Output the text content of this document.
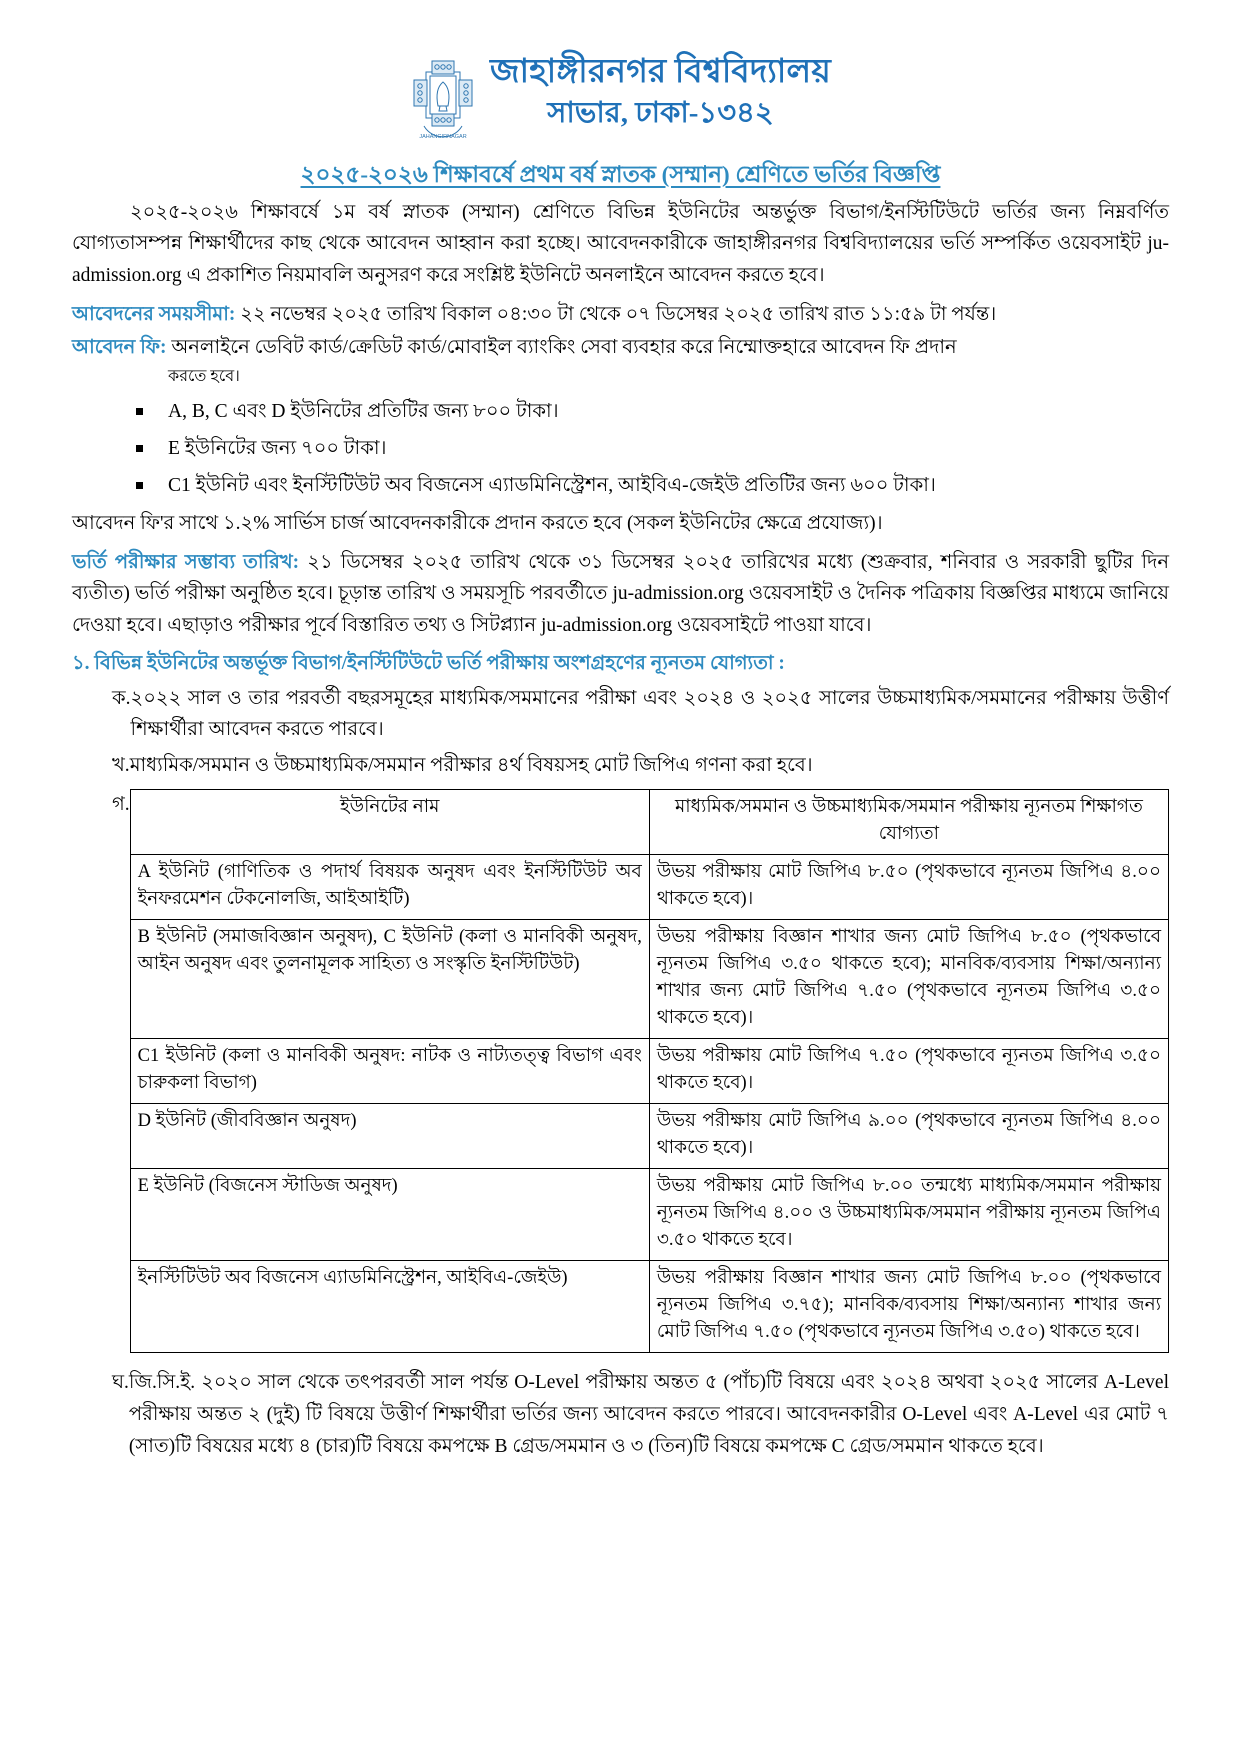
JAHANGIRNAGAR
জাহাঙ্গীরনগর বিশ্ববিদ্যালয়
সাভার, ঢাকা-১৩৪২
২০২৫-২০২৬ শিক্ষাবর্ষে প্রথম বর্ষ স্নাতক (সম্মান) শ্রেণিতে ভর্তির বিজ্ঞপ্তি
২০২৫-২০২৬ শিক্ষাবর্ষে ১ম বর্ষ স্নাতক (সম্মান) শ্রেণিতে বিভিন্ন ইউনিটের অন্তর্ভুক্ত বিভাগ/ইনস্টিটিউটে ভর্তির জন্য নিম্নবর্ণিত যোগ্যতাসম্পন্ন শিক্ষার্থীদের কাছ থেকে আবেদন আহ্বান করা হচ্ছে। আবেদনকারীকে জাহাঙ্গীরনগর বিশ্ববিদ্যালয়ের ভর্তি সম্পর্কিত ওয়েবসাইট ju-admission.org এ প্রকাশিত নিয়মাবলি অনুসরণ করে সংশ্লিষ্ট ইউনিটে অনলাইনে আবেদন করতে হবে।
আবেদনের সময়সীমা: ২২ নভেম্বর ২০২৫ তারিখ বিকাল ০৪:৩০ টা থেকে ০৭ ডিসেম্বর ২০২৫ তারিখ রাত ১১:৫৯ টা পর্যন্ত।
আবেদন ফি: অনলাইনে ডেবিট কার্ড/ক্রেডিট কার্ড/মোবাইল ব্যাংকিং সেবা ব্যবহার করে নিম্মোক্তহারে আবেদন ফি প্রদান
করতে হবে।
A, B, C এবং D ইউনিটের প্রতিটির জন্য ৮০০ টাকা।
E ইউনিটের জন্য ৭০০ টাকা।
C1 ইউনিট এবং ইনস্টিটিউট অব বিজনেস এ্যাডমিনিস্ট্রেশন, আইবিএ-জেইউ প্রতিটির জন্য ৬০০ টাকা।
আবেদন ফি'র সাথে ১.২% সার্ভিস চার্জ আবেদনকারীকে প্রদান করতে হবে (সকল ইউনিটের ক্ষেত্রে প্রযোজ্য)।
ভর্তি পরীক্ষার সম্ভাব্য তারিখ: ২১ ডিসেম্বর ২০২৫ তারিখ থেকে ৩১ ডিসেম্বর ২০২৫ তারিখের মধ্যে (শুক্রবার, শনিবার ও সরকারী ছুটির দিন ব্যতীত) ভর্তি পরীক্ষা অনুষ্ঠিত হবে। চূড়ান্ত তারিখ ও সময়সূচি পরবর্তীতে ju-admission.org ওয়েবসাইট ও দৈনিক পত্রিকায় বিজ্ঞপ্তির মাধ্যমে জানিয়ে দেওয়া হবে। এছাড়াও পরীক্ষার পূর্বে বিস্তারিত তথ্য ও সিটপ্ল্যান ju-admission.org ওয়েবসাইটে পাওয়া যাবে।
১. বিভিন্ন ইউনিটের অন্তর্ভূক্ত বিভাগ/ইনস্টিটিউটে ভর্তি পরীক্ষায় অংশগ্রহণের ন্যূনতম যোগ্যতা :
ক. ২০২২ সাল ও তার পরবর্তী বছরসমূহের মাধ্যমিক/সমমানের পরীক্ষা এবং ২০২৪ ও ২০২৫ সালের উচ্চমাধ্যমিক/সমমানের পরীক্ষায় উত্তীর্ণ শিক্ষার্থীরা আবেদন করতে পারবে।
খ. মাধ্যমিক/সমমান ও উচ্চমাধ্যমিক/সমমান পরীক্ষার ৪র্থ বিষয়সহ মোট জিপিএ গণনা করা হবে।
গ.	ইউনিটের নাম	মাধ্যমিক/সমমান ও উচ্চমাধ্যমিক/সমমান পরীক্ষায় ন্যূনতম শিক্ষাগত যোগ্যতা
A ইউনিট (গাণিতিক ও পদার্থ বিষয়ক অনুষদ এবং ইনস্টিটিউট অব ইনফরমেশন টেকনোলজি, আইআইটি)	উভয় পরীক্ষায় মোট জিপিএ ৮.৫০ (পৃথকভাবে ন্যূনতম জিপিএ ৪.০০ থাকতে হবে)।
B ইউনিট (সমাজবিজ্ঞান অনুষদ), C ইউনিট (কলা ও মানবিকী অনুষদ, আইন অনুষদ এবং তুলনামূলক সাহিত্য ও সংস্কৃতি ইনস্টিটিউট)	উভয় পরীক্ষায় বিজ্ঞান শাখার জন্য মোট জিপিএ ৮.৫০ (পৃথকভাবে ন্যূনতম জিপিএ ৩.৫০ থাকতে হবে); মানবিক/ব্যবসায় শিক্ষা/অন্যান্য শাখার জন্য মোট জিপিএ ৭.৫০ (পৃথকভাবে ন্যূনতম জিপিএ ৩.৫০ থাকতে হবে)।
C1 ইউনিট (কলা ও মানবিকী অনুষদ: নাটক ও নাট্যতত্ত্ব বিভাগ এবং চারুকলা বিভাগ)	উভয় পরীক্ষায় মোট জিপিএ ৭.৫০ (পৃথকভাবে ন্যূনতম জিপিএ ৩.৫০ থাকতে হবে)।
D ইউনিট (জীববিজ্ঞান অনুষদ)	উভয় পরীক্ষায় মোট জিপিএ ৯.০০ (পৃথকভাবে ন্যূনতম জিপিএ ৪.০০ থাকতে হবে)।
E ইউনিট (বিজনেস স্টাডিজ অনুষদ)	উভয় পরীক্ষায় মোট জিপিএ ৮.০০ তন্মধ্যে মাধ্যমিক/সমমান পরীক্ষায় ন্যূনতম জিপিএ ৪.০০ ও উচ্চমাধ্যমিক/সমমান পরীক্ষায় ন্যূনতম জিপিএ ৩.৫০ থাকতে হবে।
ইনস্টিটিউট অব বিজনেস এ্যাডমিনিস্ট্রেশন, আইবিএ-জেইউ)	উভয় পরীক্ষায় বিজ্ঞান শাখার জন্য মোট জিপিএ ৮.০০ (পৃথকভাবে ন্যূনতম জিপিএ ৩.৭৫); মানবিক/ব্যবসায় শিক্ষা/অন্যান্য শাখার জন্য মোট জিপিএ ৭.৫০ (পৃথকভাবে ন্যূনতম জিপিএ ৩.৫০) থাকতে হবে।
ঘ. জি.সি.ই. ২০২০ সাল থেকে তৎপরবর্তী সাল পর্যন্ত O-Level পরীক্ষায় অন্তত ৫ (পাঁচ)টি বিষয়ে এবং ২০২৪ অথবা ২০২৫ সালের A-Level পরীক্ষায় অন্তত ২ (দুই) টি বিষয়ে উত্তীর্ণ শিক্ষার্থীরা ভর্তির জন্য আবেদন করতে পারবে। আবেদনকারীর O-Level এবং A-Level এর মোট ৭ (সাত)টি বিষয়ের মধ্যে ৪ (চার)টি বিষয়ে কমপক্ষে B গ্রেড/সমমান ও ৩ (তিন)টি বিষয়ে কমপক্ষে C গ্রেড/সমমান থাকতে হবে।
